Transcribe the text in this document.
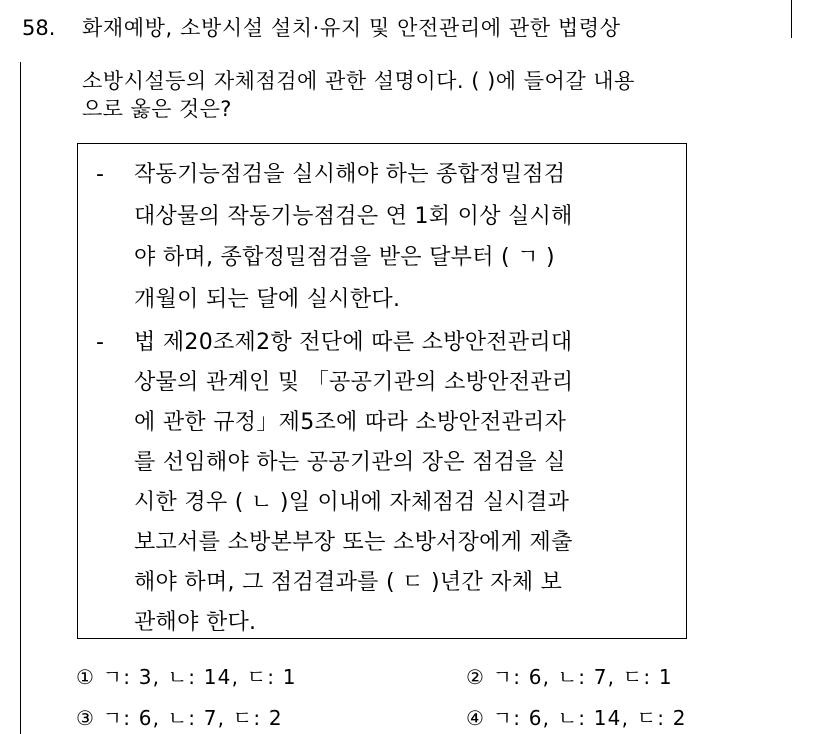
58. 화재예방, 소방시설 설치·유지 및 안전관리에 관한 법령상
소방시설등의 자체점검에 관한 설명이다. ( )에 들어갈 내용
으로 옳은 것은?
- 작동기능점검을 실시해야 하는 종합정밀점검
대상물의 작동기능점검은 연 1회 이상 실시해
야 하며, 종합정밀점검을 받은 달부터 ( ㄱ )
개월이 되는 달에 실시한다.
- 법 제20조제2항 전단에 따른 소방안전관리대
상물의 관계인 및 「공공기관의 소방안전관리
에 관한 규정」제5조에 따라 소방안전관리자
를 선임해야 하는 공공기관의 장은 점검을 실
시한 경우 ( ㄴ )일 이내에 자체점검 실시결과
보고서를 소방본부장 또는 소방서장에게 제출
해야 하며, 그 점검결과를 ( ㄷ )년간 자체 보
① ㄱ: 3, ㄴ: 14, ㄷ: 1	② ㄱ: 6, ㄴ: 7, ㄷ: 1
③ ㄱ: 6, ㄴ: 7, ㄷ: 2	④ ㄱ: 6, ㄴ: 14, ㄷ: 2
관해야 한다.
